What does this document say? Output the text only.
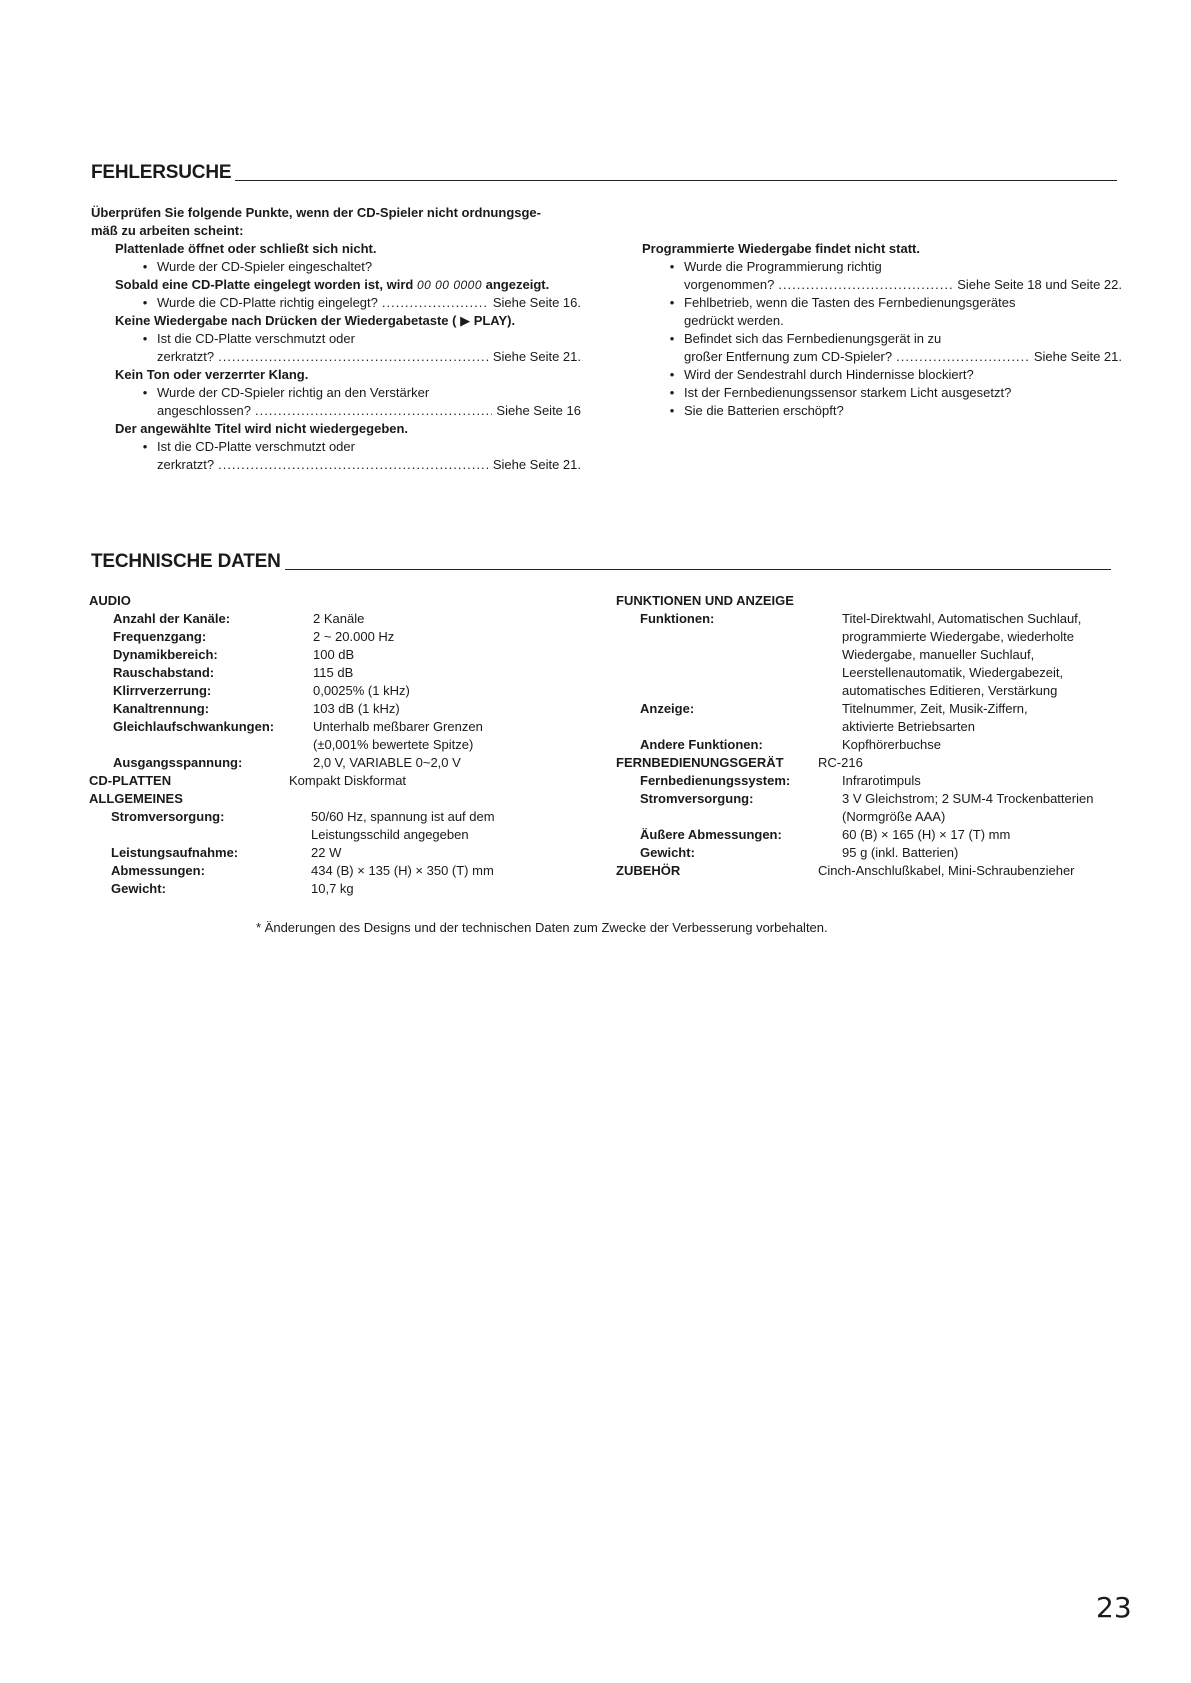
FEHLERSUCHE
Überprüfen Sie folgende Punkte, wenn der CD-Spieler nicht ordnungsge-
mäß zu arbeiten scheint:
Plattenlade öffnet oder schließt sich nicht.
• Wurde der CD-Spieler eingeschaltet?
Sobald eine CD-Platte eingelegt worden ist, wird 00 00 0000 angezeigt.
• Wurde die CD-Platte richtig eingelegt? .....	Siehe Seite 16.
Keine Wiedergabe nach Drücken der Wiedergabetaste ( ▶ PLAY).
• Ist die CD-Platte verschmutzt oder
zerkratzt? .....	Siehe Seite 21.
Kein Ton oder verzerrter Klang.
• Wurde der CD-Spieler richtig an den Verstärker
angeschlossen? .....	Siehe Seite 16
Der angewählte Titel wird nicht wiedergegeben.
• Ist die CD-Platte verschmutzt oder
zerkratzt? .....	Siehe Seite 21.
Programmierte Wiedergabe findet nicht statt.
• Wurde die Programmierung richtig
vorgenommen? .....	Siehe Seite 18 und Seite 22.
• Fehlbetrieb, wenn die Tasten des Fernbedienungsgerätes
gedrückt werden.
• Befindet sich das Fernbedienungsgerät in zu
großer Entfernung zum CD-Spieler? .....	Siehe Seite 21.
• Wird der Sendestrahl durch Hindernisse blockiert?
• Ist der Fernbedienungssensor starkem Licht ausgesetzt?
• Sie die Batterien erschöpft?
TECHNISCHE DATEN
AUDIO
Anzahl der Kanäle:	2 Kanäle
Frequenzgang:	2 ~ 20.000 Hz
Dynamikbereich:	100 dB
Rauschabstand:	115 dB
Klirrverzerrung:	0,0025% (1 kHz)
Kanaltrennung:	103 dB (1 kHz)
Gleichlaufschwankungen:	Unterhalb meßbarer Grenzen
(±0,001% bewertete Spitze)
Ausgangsspannung:	2,0 V, VARIABLE 0~2,0 V
CD-PLATTEN	Kompakt Diskformat
ALLGEMEINES
Stromversorgung:	50/60 Hz, spannung ist auf dem
Leistungsschild angegeben
Leistungsaufnahme:	22 W
Abmessungen:	434 (B) × 135 (H) × 350 (T) mm
Gewicht:	10,7 kg
FUNKTIONEN UND ANZEIGE
Funktionen:	Titel-Direktwahl, Automatischen Suchlauf,
programmierte Wiedergabe, wiederholte
Wiedergabe, manueller Suchlauf,
Leerstellenautomatik, Wiedergabezeit,
automatisches Editieren, Verstärkung
Anzeige:	Titelnummer, Zeit, Musik-Ziffern,
aktivierte Betriebsarten
Andere Funktionen:	Kopfhörerbuchse
FERNBEDIENUNGSGERÄT	RC-216
Fernbedienungssystem:	Infrarotimpuls
Stromversorgung:	3 V Gleichstrom; 2 SUM-4 Trockenbatterien
(Normgröße AAA)
Äußere Abmessungen:	60 (B) × 165 (H) × 17 (T) mm
Gewicht:	95 g (inkl. Batterien)
ZUBEHÖR	Cinch-Anschlußkabel, Mini-Schraubenzieher
* Änderungen des Designs und der technischen Daten zum Zwecke der Verbesserung vorbehalten.
23
